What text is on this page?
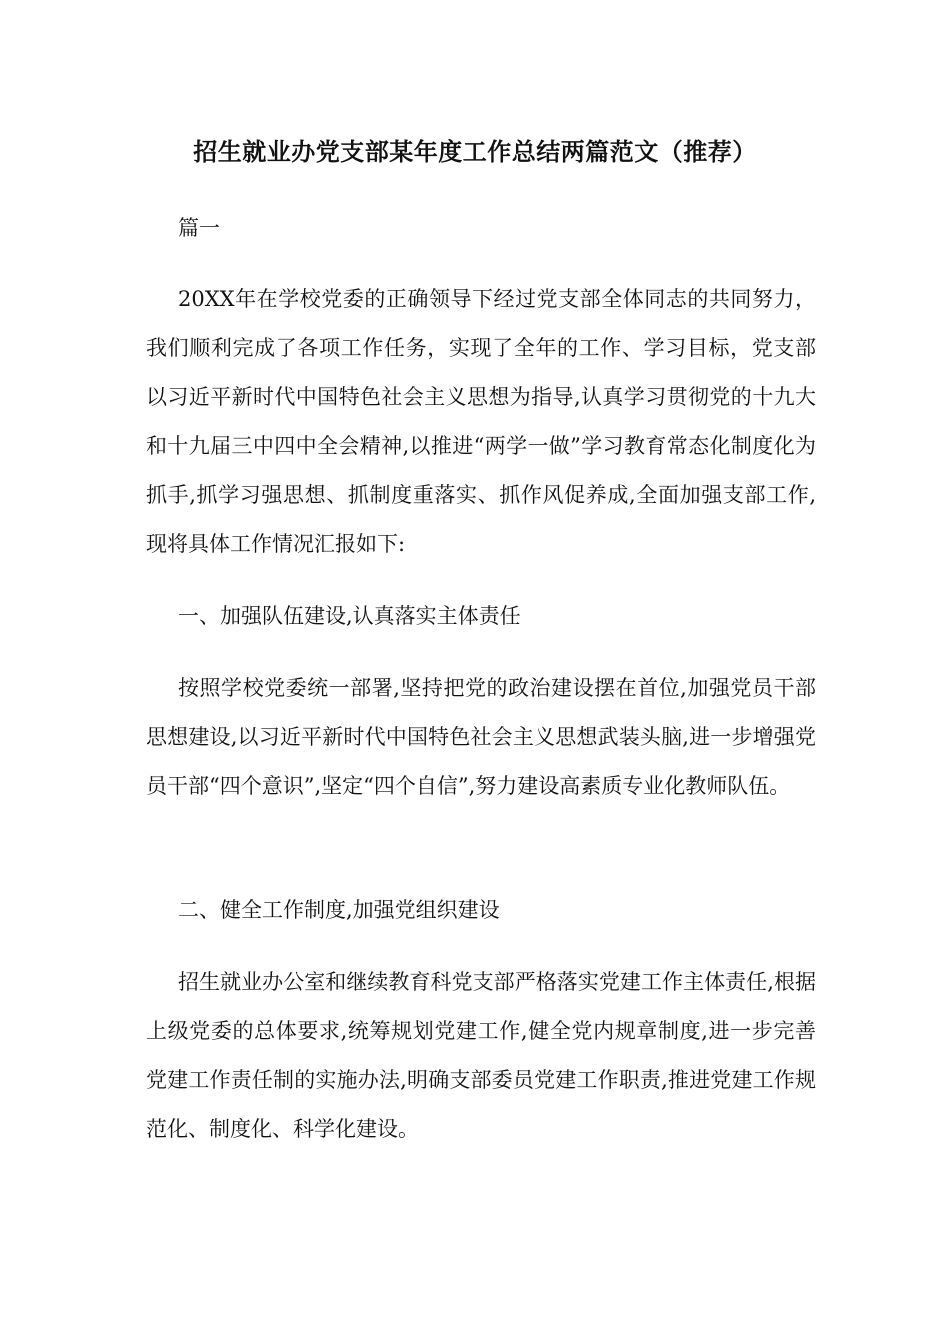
招生就业办党支部某年度工作总结两篇范文（推荐）
篇一

20XX年在学校党委的正确领导下经过党支部全体同志的共同努力，我们顺利完成了各项工作任务，实现了全年的工作、学习目标，党支部以习近平新时代中国特色社会主义思想为指导,认真学习贯彻党的十九大和十九届三中四中全会精神,以推进“两学一做”学习教育常态化制度化为抓手,抓学习强思想、抓制度重落实、抓作风促养成,全面加强支部工作,现将具体工作情况汇报如下:

一、加强队伍建设,认真落实主体责任

按照学校党委统一部署,坚持把党的政治建设摆在首位,加强党员干部思想建设,以习近平新时代中国特色社会主义思想武装头脑,进一步增强党员干部“四个意识”,坚定“四个自信”,努力建设高素质专业化教师队伍。

二、健全工作制度,加强党组织建设

招生就业办公室和继续教育科党支部严格落实党建工作主体责任,根据上级党委的总体要求,统筹规划党建工作,健全党内规章制度,进一步完善党建工作责任制的实施办法,明确支部委员党建工作职责,推进党建工作规范化、制度化、科学化建设。
